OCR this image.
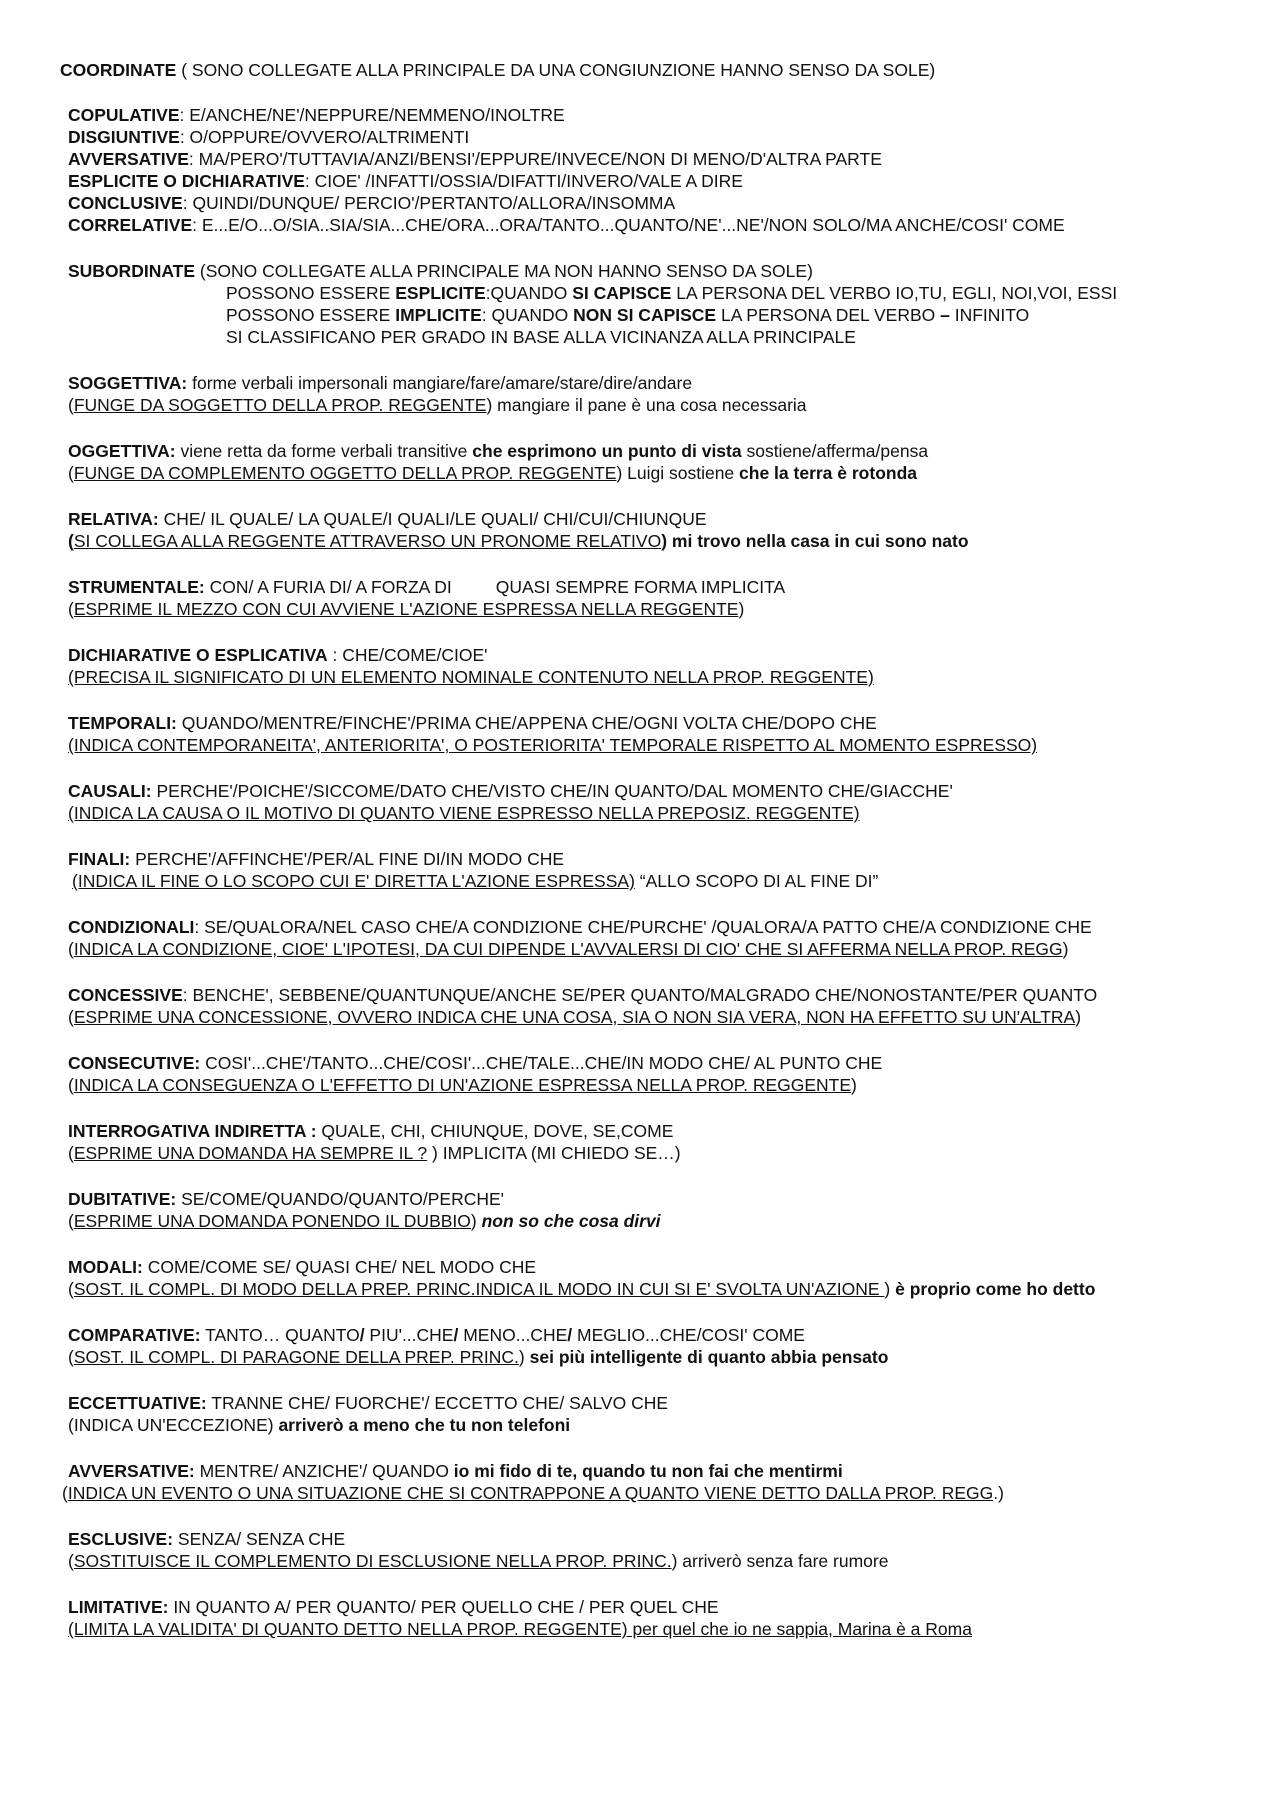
COORDINATE ( SONO COLLEGATE ALLA PRINCIPALE DA UNA CONGIUNZIONE HANNO SENSO DA SOLE)
COPULATIVE: E/ANCHE/NE'/NEPPURE/NEMMENO/INOLTRE
DISGIUNTIVE: O/OPPURE/OVVERO/ALTRIMENTI
AVVERSATIVE: MA/PERO'/TUTTAVIA/ANZI/BENSI'/EPPURE/INVECE/NON DI MENO/D'ALTRA PARTE
ESPLICITE O DICHIARATIVE: CIOE' /INFATTI/OSSIA/DIFATTI/INVERO/VALE A DIRE
CONCLUSIVE: QUINDI/DUNQUE/ PERCIO'/PERTANTO/ALLORA/INSOMMA
CORRELATIVE: E...E/O...O/SIA..SIA/SIA...CHE/ORA...ORA/TANTO...QUANTO/NE'...NE'/NON SOLO/MA ANCHE/COSI' COME
SUBORDINATE (SONO COLLEGATE ALLA PRINCIPALE MA NON HANNO SENSO DA SOLE)
POSSONO ESSERE ESPLICITE:QUANDO SI CAPISCE LA PERSONA DEL VERBO IO,TU, EGLI, NOI,VOI, ESSI
POSSONO ESSERE IMPLICITE: QUANDO NON SI CAPISCE LA PERSONA DEL VERBO – INFINITO
SI CLASSIFICANO PER GRADO IN BASE ALLA VICINANZA ALLA PRINCIPALE
SOGGETTIVA: forme verbali impersonali mangiare/fare/amare/stare/dire/andare
(FUNGE DA SOGGETTO DELLA PROP. REGGENTE) mangiare il pane è una cosa necessaria
OGGETTIVA: viene retta da forme verbali transitive che esprimono un punto di vista sostiene/afferma/pensa
(FUNGE DA COMPLEMENTO OGGETTO DELLA PROP. REGGENTE) Luigi sostiene che la terra è rotonda
RELATIVA: CHE/ IL QUALE/ LA QUALE/I QUALI/LE QUALI/ CHI/CUI/CHIUNQUE
(SI COLLEGA ALLA REGGENTE ATTRAVERSO UN PRONOME RELATIVO) mi trovo nella casa in cui sono nato
STRUMENTALE: CON/ A FURIA DI/ A FORZA DI	QUASI SEMPRE FORMA IMPLICITA
(ESPRIME IL MEZZO CON CUI AVVIENE L'AZIONE ESPRESSA NELLA REGGENTE)
DICHIARATIVE O ESPLICATIVA : CHE/COME/CIOE'
(PRECISA IL SIGNIFICATO DI UN ELEMENTO NOMINALE CONTENUTO NELLA PROP. REGGENTE)
TEMPORALI: QUANDO/MENTRE/FINCHE'/PRIMA CHE/APPENA CHE/OGNI VOLTA CHE/DOPO CHE
(INDICA CONTEMPORANEITA', ANTERIORITA', O POSTERIORITA' TEMPORALE RISPETTO AL MOMENTO ESPRESSO)
CAUSALI: PERCHE'/POICHE'/SICCOME/DATO CHE/VISTO CHE/IN QUANTO/DAL MOMENTO CHE/GIACCHE'
(INDICA LA CAUSA O IL MOTIVO DI QUANTO VIENE ESPRESSO NELLA PREPOSIZ. REGGENTE)
FINALI: PERCHE'/AFFINCHE'/PER/AL FINE DI/IN MODO CHE
(INDICA IL FINE O LO SCOPO CUI E' DIRETTA L'AZIONE ESPRESSA) “ALLO SCOPO DI AL FINE DI”
CONDIZIONALI: SE/QUALORA/NEL CASO CHE/A CONDIZIONE CHE/PURCHE' /QUALORA/A PATTO CHE/A CONDIZIONE CHE
(INDICA LA CONDIZIONE, CIOE' L'IPOTESI, DA CUI DIPENDE L'AVVALERSI DI CIO' CHE SI AFFERMA NELLA PROP. REGG)
CONCESSIVE: BENCHE', SEBBENE/QUANTUNQUE/ANCHE SE/PER QUANTO/MALGRADO CHE/NONOSTANTE/PER QUANTO
(ESPRIME UNA CONCESSIONE, OVVERO INDICA CHE UNA COSA, SIA O NON SIA VERA, NON HA EFFETTO SU UN'ALTRA)
CONSECUTIVE: COSI'...CHE'/TANTO...CHE/COSI'...CHE/TALE...CHE/IN MODO CHE/ AL PUNTO CHE
(INDICA LA CONSEGUENZA O L'EFFETTO DI UN'AZIONE ESPRESSA NELLA PROP. REGGENTE)
INTERROGATIVA INDIRETTA : QUALE, CHI, CHIUNQUE, DOVE, SE,COME
(ESPRIME UNA DOMANDA HA SEMPRE IL ? ) IMPLICITA (MI CHIEDO SE…)
DUBITATIVE: SE/COME/QUANDO/QUANTO/PERCHE'
(ESPRIME UNA DOMANDA PONENDO IL DUBBIO) non so che cosa dirvi
MODALI: COME/COME SE/ QUASI CHE/ NEL MODO CHE
(SOST. IL COMPL. DI MODO DELLA PREP. PRINC.INDICA IL MODO IN CUI SI E' SVOLTA UN'AZIONE ) è proprio come ho detto
COMPARATIVE: TANTO… QUANTO/ PIU'...CHE/ MENO...CHE/ MEGLIO...CHE/COSI' COME
(SOST. IL COMPL. DI PARAGONE DELLA PREP. PRINC.) sei più intelligente di quanto abbia pensato
ECCETTUATIVE: TRANNE CHE/ FUORCHE'/ ECCETTO CHE/ SALVO CHE
(INDICA UN'ECCEZIONE) arriverò a meno che tu non telefoni
AVVERSATIVE: MENTRE/ ANZICHE'/ QUANDO io mi fido di te, quando tu non fai che mentirmi
(INDICA UN EVENTO O UNA SITUAZIONE CHE SI CONTRAPPONE A QUANTO VIENE DETTO DALLA PROP. REGG.)
ESCLUSIVE: SENZA/ SENZA CHE
(SOSTITUISCE IL COMPLEMENTO DI ESCLUSIONE NELLA PROP. PRINC.) arriverò senza fare rumore
LIMITATIVE: IN QUANTO A/ PER QUANTO/ PER QUELLO CHE / PER QUEL CHE
(LIMITA LA VALIDITA' DI QUANTO DETTO NELLA PROP. REGGENTE) per quel che io ne sappia, Marina è a Roma
